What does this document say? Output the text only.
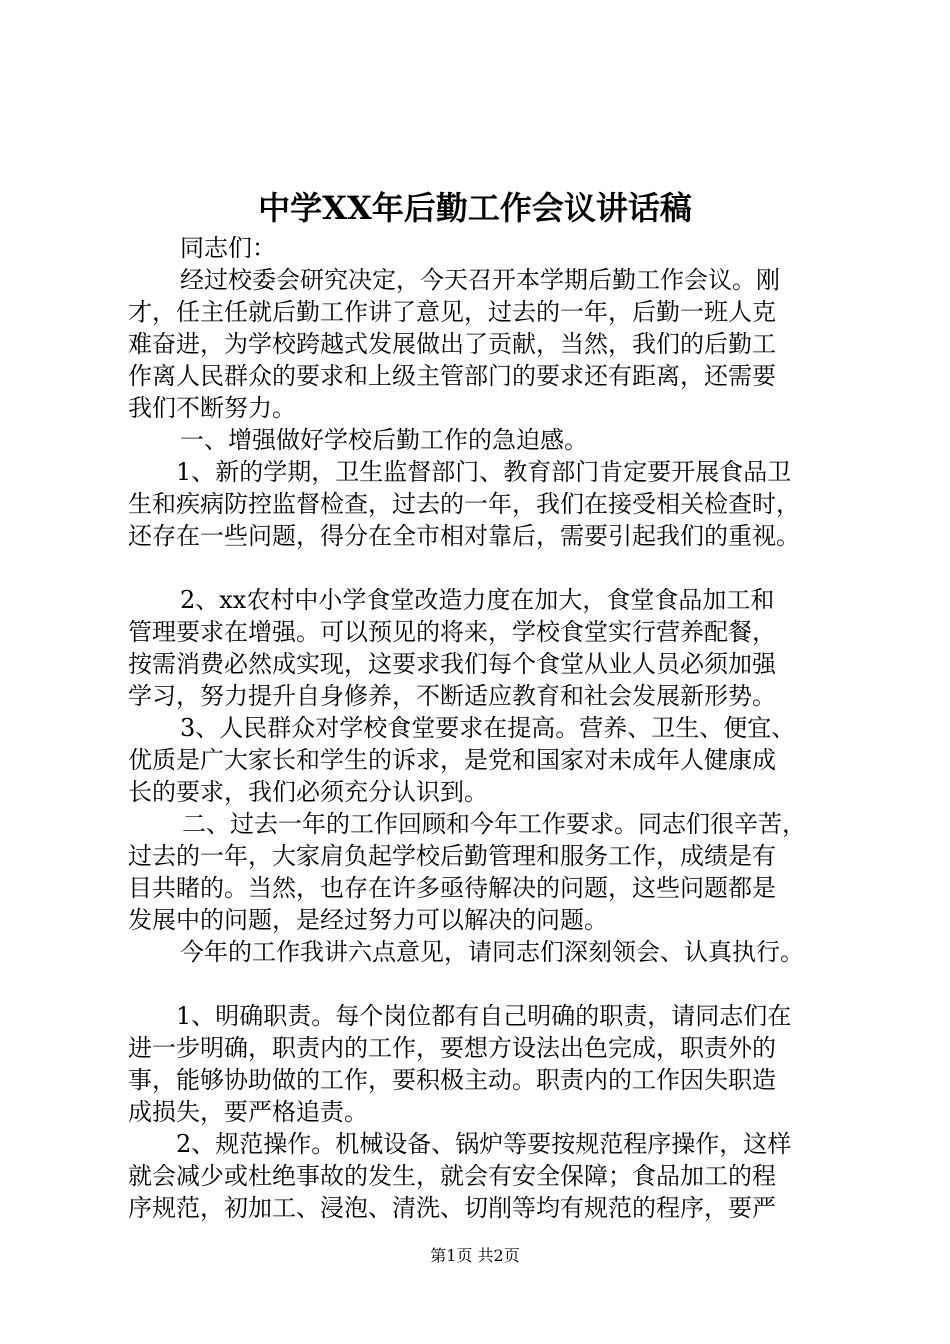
中学XX年后勤工作会议讲话稿
同志们：
经过校委会研究决定，今天召开本学期后勤工作会议。刚
才，任主任就后勤工作讲了意见，过去的一年，后勤一班人克
难奋进，为学校跨越式发展做出了贡献，当然，我们的后勤工
作离人民群众的要求和上级主管部门的要求还有距离，还需要
我们不断努力。
一、增强做好学校后勤工作的急迫感。
1、新的学期，卫生监督部门、教育部门肯定要开展食品卫
生和疾病防控监督检查，过去的一年，我们在接受相关检查时，
还存在一些问题，得分在全市相对靠后，需要引起我们的重视。
2、xx农村中小学食堂改造力度在加大，食堂食品加工和
管理要求在增强。可以预见的将来，学校食堂实行营养配餐，
按需消费必然成实现，这要求我们每个食堂从业人员必须加强
学习，努力提升自身修养，不断适应教育和社会发展新形势。
3、人民群众对学校食堂要求在提高。营养、卫生、便宜、
优质是广大家长和学生的诉求，是党和国家对未成年人健康成
长的要求，我们必须充分认识到。
二、过去一年的工作回顾和今年工作要求。同志们很辛苦，
过去的一年，大家肩负起学校后勤管理和服务工作，成绩是有
目共睹的。当然，也存在许多亟待解决的问题，这些问题都是
发展中的问题，是经过努力可以解决的问题。
今年的工作我讲六点意见，请同志们深刻领会、认真执行。
1、明确职责。每个岗位都有自己明确的职责，请同志们在
进一步明确，职责内的工作，要想方设法出色完成，职责外的
事，能够协助做的工作，要积极主动。职责内的工作因失职造
成损失，要严格追责。
2、规范操作。机械设备、锅炉等要按规范程序操作，这样
就会减少或杜绝事故的发生，就会有安全保障；食品加工的程
序规范，初加工、浸泡、清洗、切削等均有规范的程序，要严
第1页 共2页
